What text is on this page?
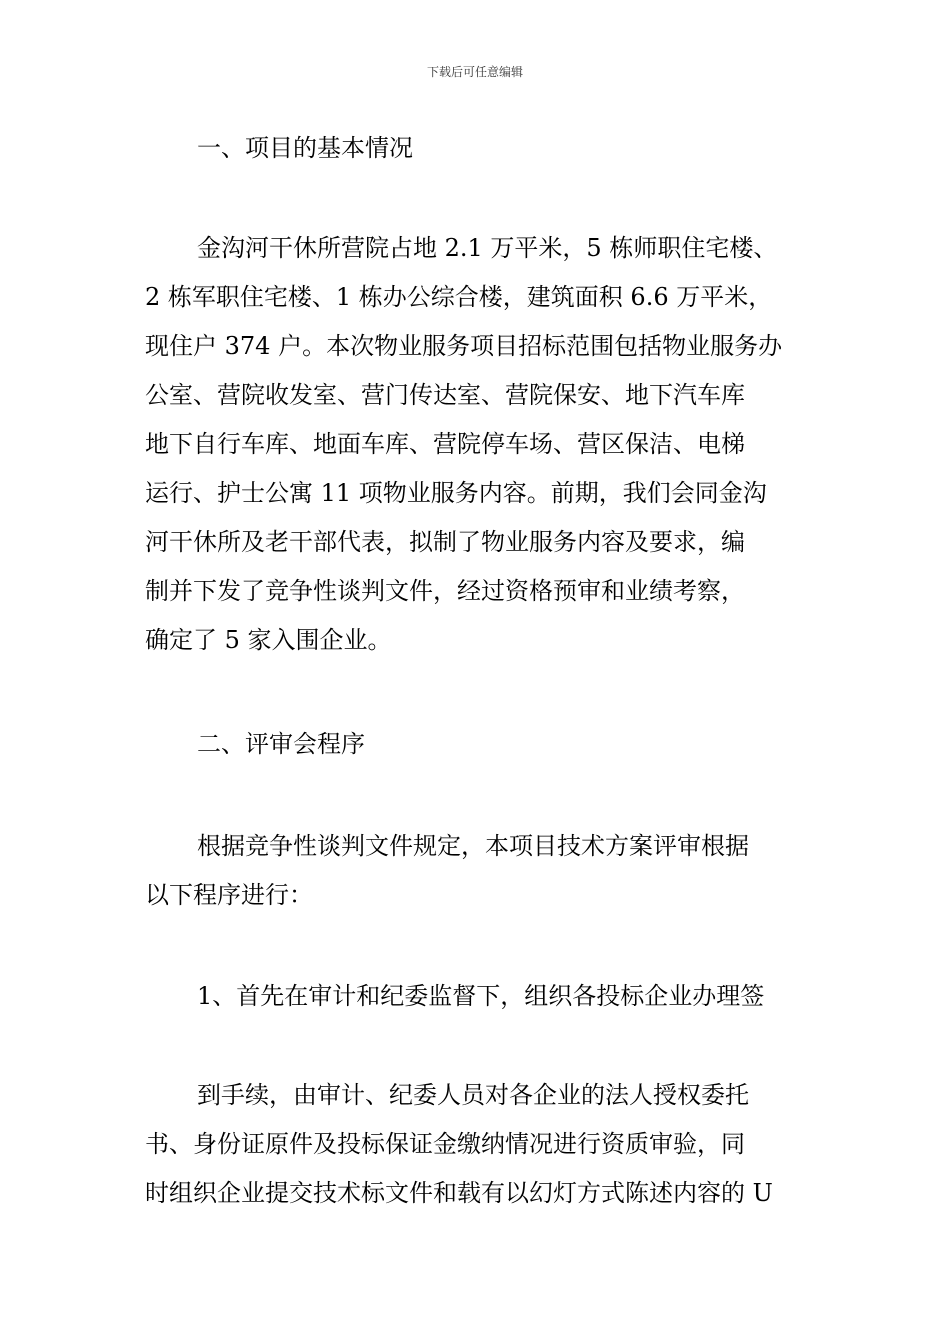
下载后可任意编辑
一、项目的基本情况
金沟河干休所营院占地 2.1 万平米，5 栋师职住宅楼、
2 栋军职住宅楼、1 栋办公综合楼，建筑面积 6.6 万平米，
现住户 374 户。本次物业服务项目招标范围包括物业服务办
公室、营院收发室、营门传达室、营院保安、地下汽车库
地下自行车库、地面车库、营院停车场、营区保洁、电梯
运行、护士公寓 11 项物业服务内容。前期，我们会同金沟
河干休所及老干部代表，拟制了物业服务内容及要求，编
制并下发了竞争性谈判文件，经过资格预审和业绩考察，
确定了 5 家入围企业。
二、评审会程序
根据竞争性谈判文件规定，本项目技术方案评审根据
以下程序进行：
1、首先在审计和纪委监督下，组织各投标企业办理签
到手续，由审计、纪委人员对各企业的法人授权委托
书、身份证原件及投标保证金缴纳情况进行资质审验，同
时组织企业提交技术标文件和载有以幻灯方式陈述内容的 U
